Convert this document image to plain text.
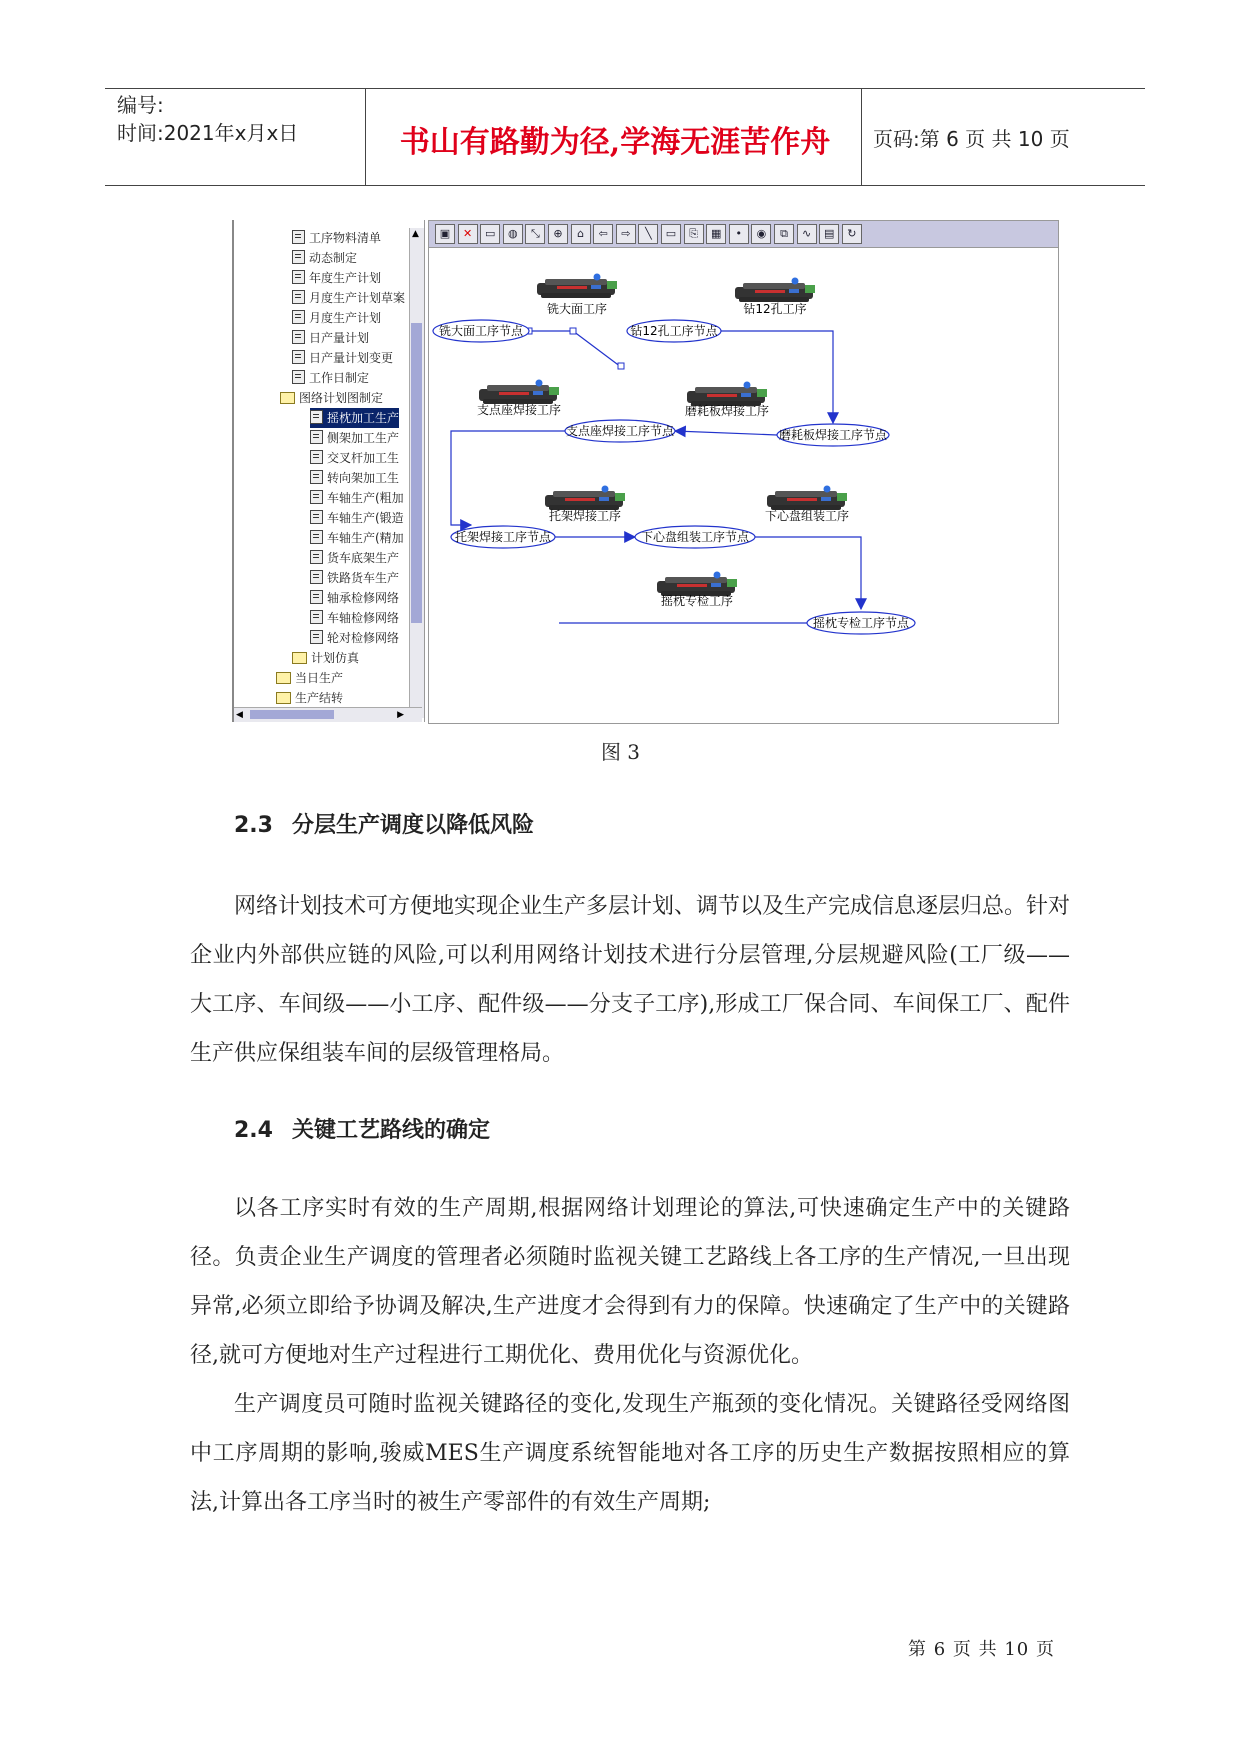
编号:
时间:2021年x月x日	书山有路勤为径,学海无涯苦作舟	页码:第 6 页 共 10 页
工序物料清单
动态制定
年度生产计划
月度生产计划草案
月度生产计划
日产量计划
日产量计划变更
工作日制定
图络计划图制定
摇枕加工生产
侧架加工生产
交叉杆加工生
转向架加工生
车轴生产(粗加
车轴生产(锻造
车轴生产(精加
货车底架生产
铁路货车生产
轴承检修网络
车轴检修网络
轮对检修网络
计划仿真
当日生产
生产结转
▲
◀	▶
▣	✕	▭	◍	⤡	⊕	⌂	⇦	⇨	╲	▭	⎘	▦	•	◉	⧉	∿	▤	↻
铣大面工序	钻12孔工序
支点座焊接工序	磨耗板焊接工序
托架焊接工序	下心盘组装工序
摇枕专检工序
铣大面工序节点	钻12孔工序节点
支点座焊接工序节点	磨耗板焊接工序节点
托架焊接工序节点	下心盘组装工序节点
摇枕专检工序节点
图 3
2.3 分层生产调度以降低风险

网络计划技术可方便地实现企业生产多层计划、调节以及生产完成信息逐层归总。针对企业内外部供应链的风险,可以利用网络计划技术进行分层管理,分层规避风险(工厂级——大工序、车间级——小工序、配件级——分支子工序),形成工厂保合同、车间保工厂、配件生产供应保组装车间的层级管理格局。

2.4 关键工艺路线的确定

以各工序实时有效的生产周期,根据网络计划理论的算法,可快速确定生产中的关键路径。负责企业生产调度的管理者必须随时监视关键工艺路线上各工序的生产情况,一旦出现异常,必须立即给予协调及解决,生产进度才会得到有力的保障。快速确定了生产中的关键路径,就可方便地对生产过程进行工期优化、费用优化与资源优化。

生产调度员可随时监视关键路径的变化,发现生产瓶颈的变化情况。关键路径受网络图中工序周期的影响,骏威MES生产调度系统智能地对各工序的历史生产数据按照相应的算法,计算出各工序当时的被生产零部件的有效生产周期;

第 6 页 共 10 页
